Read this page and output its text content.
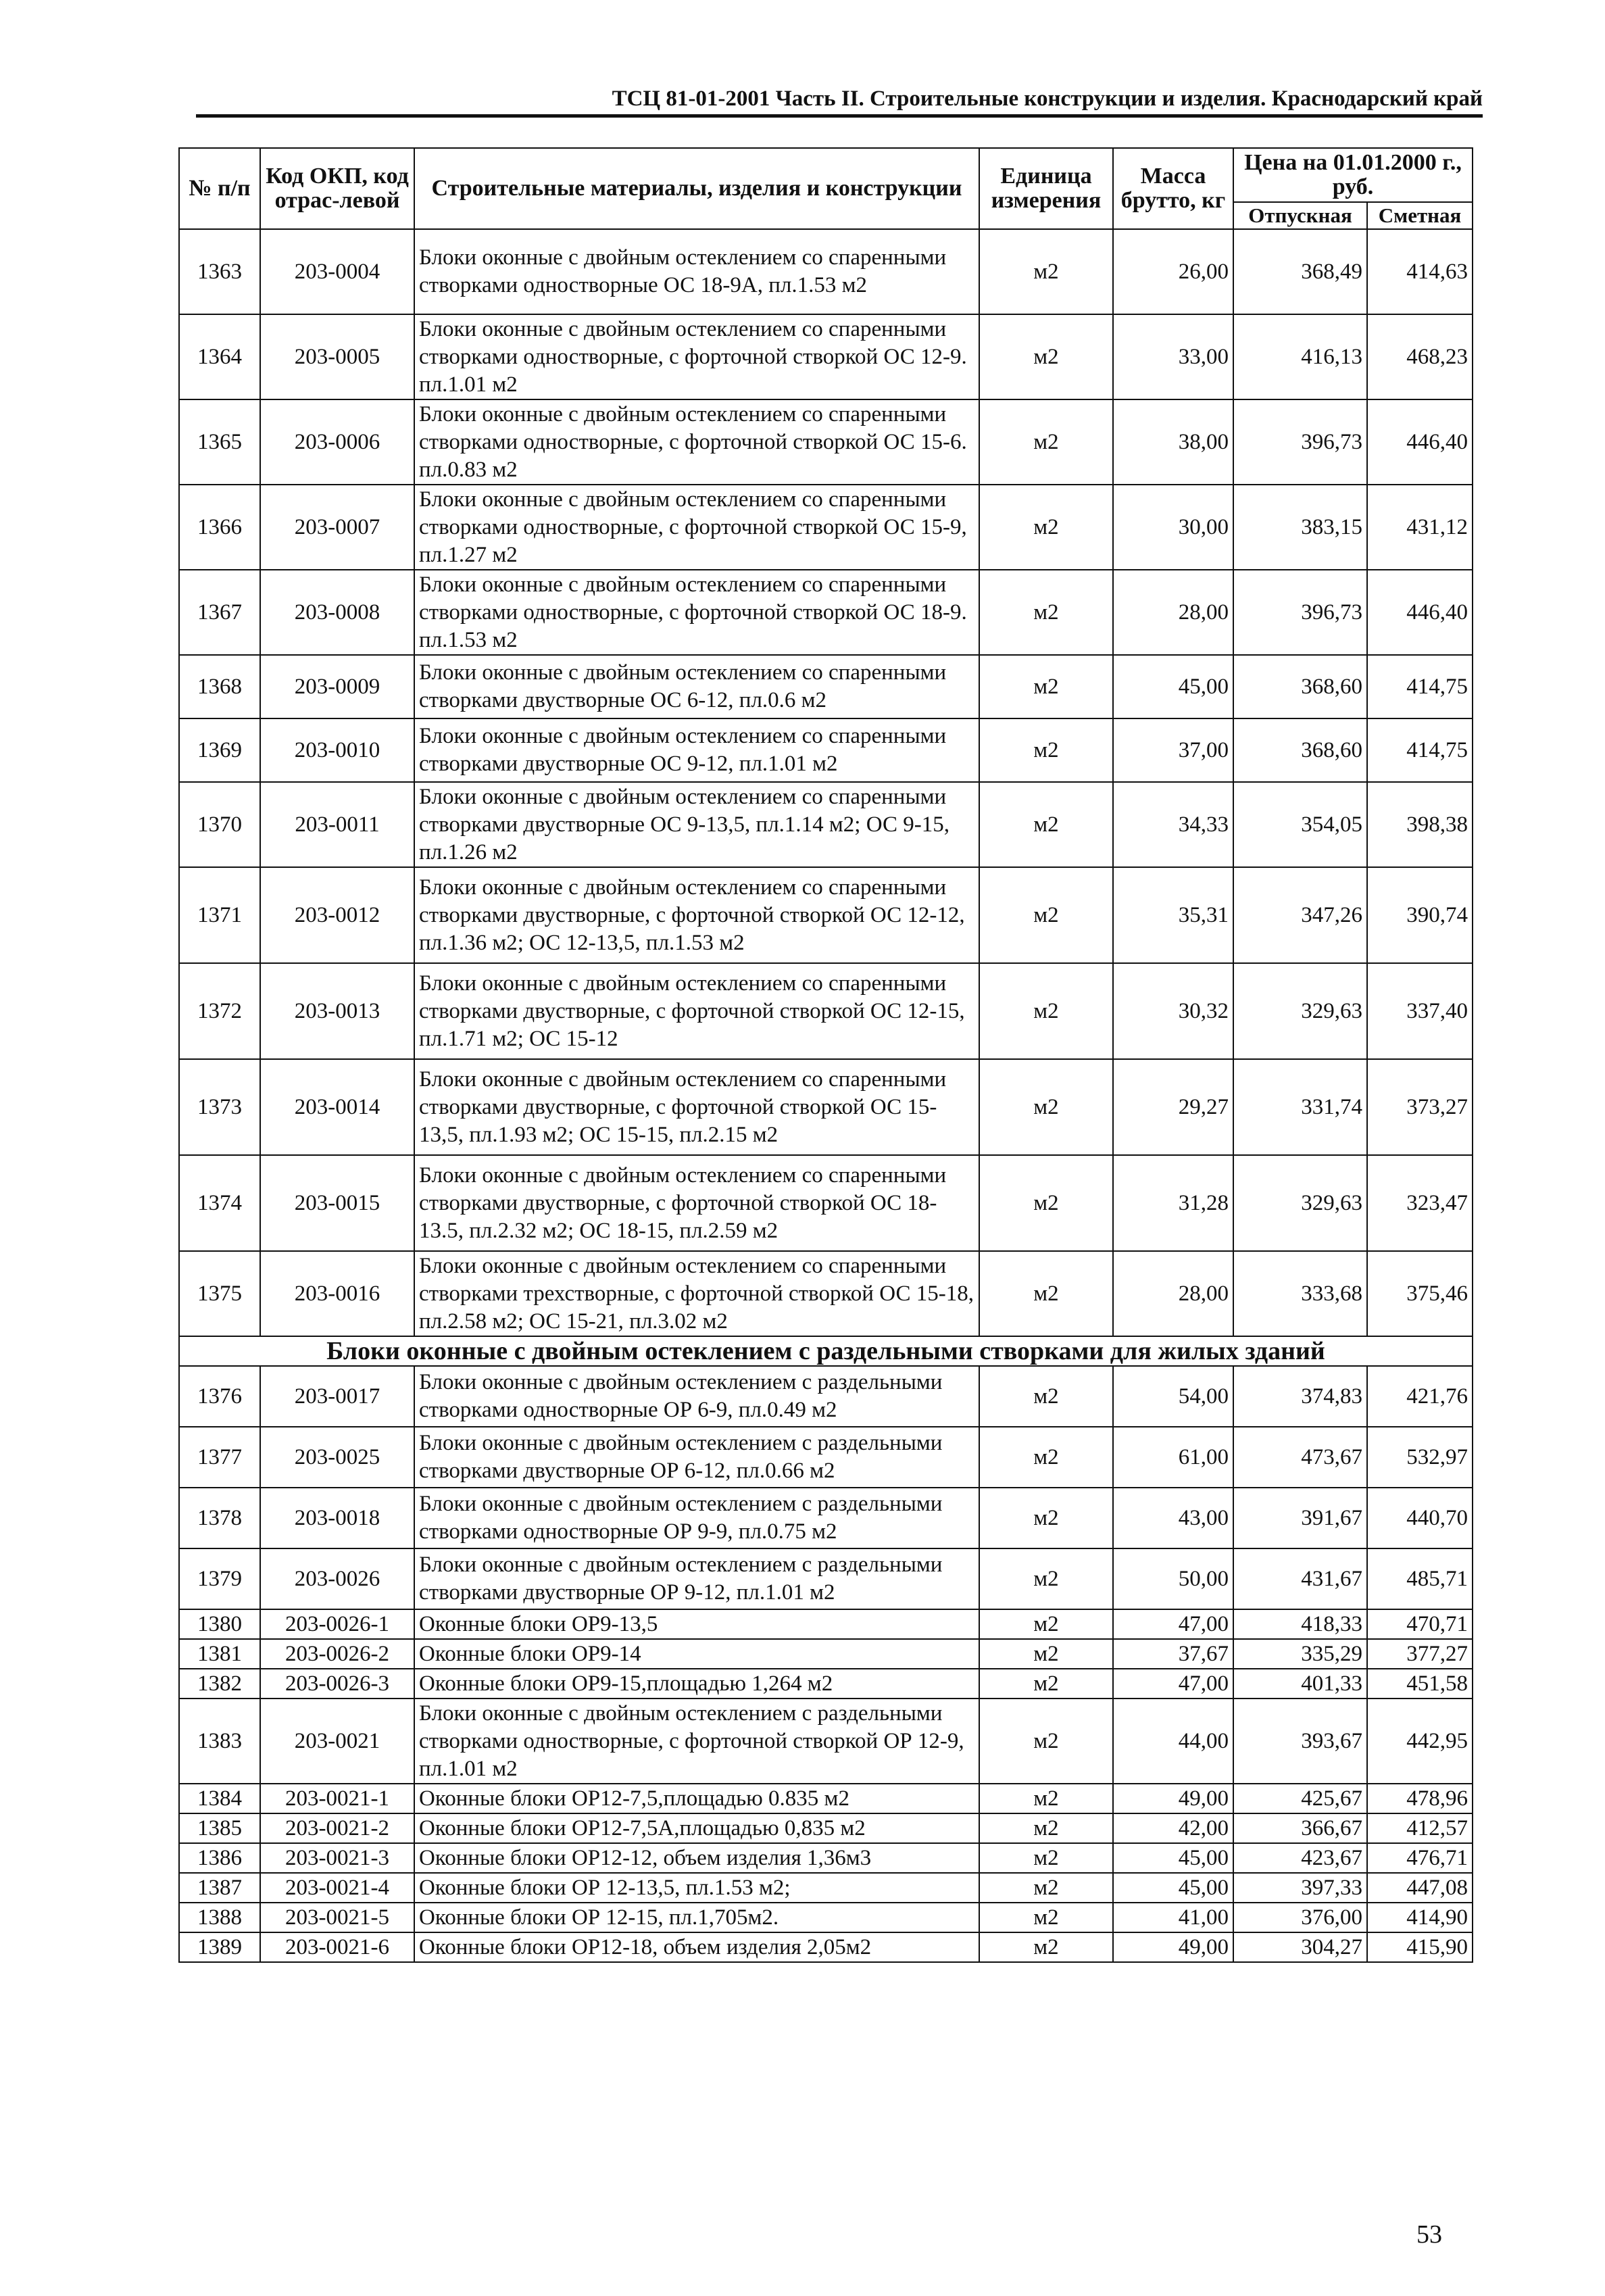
ТСЦ 81-01-2001 Часть II. Строительные конструкции и изделия. Краснодарский край
№ п/п	Код ОКП, код отрас-левой	Строительные материалы, изделия и конструкции	Единица измерения	Масса брутто, кг	Цена на 01.01.2000 г., руб.	
					Отпускная	Сметная
1363	203-0004	Блоки оконные с двойным остеклением со спаренными створками одностворные ОС 18-9А, пл.1.53 м2	м2	26,00	368,49	414,63
1364	203-0005	Блоки оконные с двойным остеклением со спаренными створками одностворные, с форточной створкой ОС 12-9. пл.1.01 м2	м2	33,00	416,13	468,23
1365	203-0006	Блоки оконные с двойным остеклением со спаренными створками одностворные, с форточной створкой ОС 15-6. пл.0.83 м2	м2	38,00	396,73	446,40
1366	203-0007	Блоки оконные с двойным остеклением со спаренными створками одностворные, с форточной створкой ОС 15-9, пл.1.27 м2	м2	30,00	383,15	431,12
1367	203-0008	Блоки оконные с двойным остеклением со спаренными створками одностворные, с форточной створкой ОС 18-9. пл.1.53 м2	м2	28,00	396,73	446,40
1368	203-0009	Блоки оконные с двойным остеклением со спаренными створками двустворные ОС 6-12, пл.0.6 м2	м2	45,00	368,60	414,75
1369	203-0010	Блоки оконные с двойным остеклением со спаренными створками двустворные ОС 9-12, пл.1.01 м2	м2	37,00	368,60	414,75
1370	203-0011	Блоки оконные с двойным остеклением со спаренными створками двустворные ОС 9-13,5, пл.1.14 м2; ОС 9-15, пл.1.26 м2	м2	34,33	354,05	398,38
1371	203-0012	Блоки оконные с двойным остеклением со спаренными створками двустворные, с форточной створкой ОС 12-12, пл.1.36 м2; ОС 12-13,5, пл.1.53 м2	м2	35,31	347,26	390,74
1372	203-0013	Блоки оконные с двойным остеклением со спаренными створками двустворные, с форточной створкой ОС 12-15, пл.1.71 м2; ОС 15-12	м2	30,32	329,63	337,40
1373	203-0014	Блоки оконные с двойным остеклением со спаренными створками двустворные, с форточной створкой ОС 15-13,5, пл.1.93 м2; ОС 15-15, пл.2.15 м2	м2	29,27	331,74	373,27
1374	203-0015	Блоки оконные с двойным остеклением со спаренными створками двустворные, с форточной створкой ОС 18-13.5, пл.2.32 м2; ОС 18-15, пл.2.59 м2	м2	31,28	329,63	323,47
1375	203-0016	Блоки оконные с двойным остеклением со спаренными створками трехстворные, с форточной створкой ОС 15-18, пл.2.58 м2; ОС 15-21, пл.3.02 м2	м2	28,00	333,68	375,46
Блоки оконные с двойным остеклением с раздельными створками для жилых зданий						
1376	203-0017	Блоки оконные с двойным остеклением с раздельными створками одностворные ОР 6-9, пл.0.49 м2	м2	54,00	374,83	421,76
1377	203-0025	Блоки оконные с двойным остеклением с раздельными створками двустворные ОР 6-12, пл.0.66 м2	м2	61,00	473,67	532,97
1378	203-0018	Блоки оконные с двойным остеклением с раздельными створками одностворные ОР 9-9, пл.0.75 м2	м2	43,00	391,67	440,70
1379	203-0026	Блоки оконные с двойным остеклением с раздельными створками двустворные ОР 9-12, пл.1.01 м2	м2	50,00	431,67	485,71
1380	203-0026-1	Оконные блоки ОР9-13,5	м2	47,00	418,33	470,71
1381	203-0026-2	Оконные блоки ОР9-14	м2	37,67	335,29	377,27
1382	203-0026-3	Оконные блоки ОР9-15,площадью 1,264 м2	м2	47,00	401,33	451,58
1383	203-0021	Блоки оконные с двойным остеклением с раздельными створками одностворные, с форточной створкой ОР 12-9, пл.1.01 м2	м2	44,00	393,67	442,95
1384	203-0021-1	Оконные блоки ОР12-7,5,площадью 0.835 м2	м2	49,00	425,67	478,96
1385	203-0021-2	Оконные блоки ОР12-7,5А,площадью 0,835 м2	м2	42,00	366,67	412,57
1386	203-0021-3	Оконные блоки ОР12-12, объем изделия 1,36м3	м2	45,00	423,67	476,71
1387	203-0021-4	Оконные блоки ОР 12-13,5, пл.1.53 м2;	м2	45,00	397,33	447,08
1388	203-0021-5	Оконные блоки ОР 12-15, пл.1,705м2.	м2	41,00	376,00	414,90
1389	203-0021-6	Оконные блоки ОР12-18, объем изделия 2,05м2	м2	49,00	304,27	415,90
53
